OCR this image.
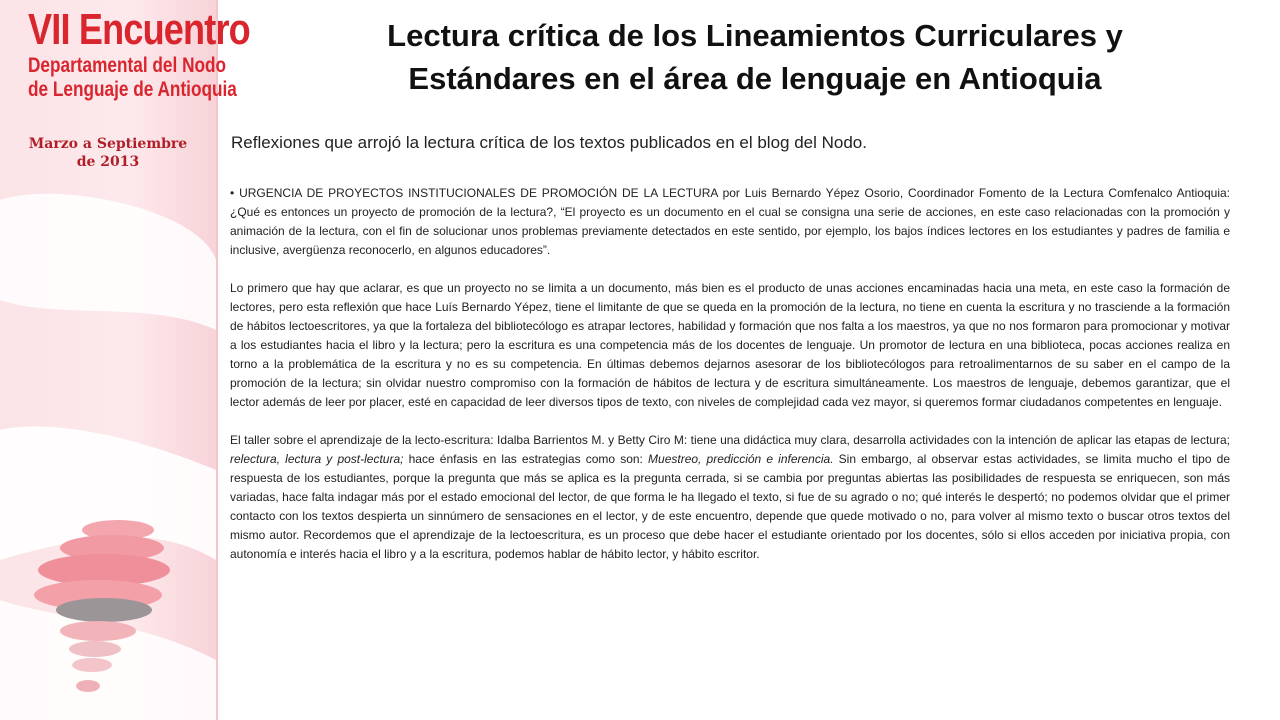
VII Encuentro
Departamental del Nodo
de Lenguaje de Antioquia
Marzo a Septiembre
de 2013
Lectura crítica de los Lineamientos Curriculares y
Estándares en el área de lenguaje en Antioquia
Reflexiones que arrojó la lectura crítica de los textos publicados en el blog del Nodo.

• URGENCIA DE PROYECTOS INSTITUCIONALES DE PROMOCIÓN DE LA LECTURA por Luis Bernardo Yépez Osorio, Coordinador Fomento de la Lectura Comfenalco Antioquia: ¿Qué es entonces un proyecto de promoción de la lectura?, “El proyecto es un documento en el cual se consigna una serie de acciones, en este caso relacionadas con la promoción y animación de la lectura, con el fin de solucionar unos problemas previamente detectados en este sentido, por ejemplo, los bajos índices lectores en los estudiantes y padres de familia e inclusive, avergüenza reconocerlo, en algunos educadores”.

Lo primero que hay que aclarar, es que un proyecto no se limita a un documento, más bien es el producto de unas acciones encaminadas hacia una meta, en este caso la formación de lectores, pero esta reflexión que hace Luís Bernardo Yépez, tiene el limitante de que se queda en la promoción de la lectura, no tiene en cuenta la escritura y no trasciende a la formación de hábitos lectoescritores, ya que la fortaleza del bibliotecólogo es atrapar lectores, habilidad y formación que nos falta a los maestros, ya que no nos formaron para promocionar y motivar a los estudiantes hacia el libro y la lectura; pero la escritura es una competencia más de los docentes de lenguaje. Un promotor de lectura en una biblioteca, pocas acciones realiza en torno a la problemática de la escritura y no es su competencia. En últimas debemos dejarnos asesorar de los bibliotecólogos para retroalimentarnos de su saber en el campo de la promoción de la lectura; sin olvidar nuestro compromiso con la formación de hábitos de lectura y de escritura simultáneamente. Los maestros de lenguaje, debemos garantizar, que el lector además de leer por placer, esté en capacidad de leer diversos tipos de texto, con niveles de complejidad cada vez mayor, si queremos formar ciudadanos competentes en lenguaje.

El taller sobre el aprendizaje de la lecto-escritura: Idalba Barrientos M. y Betty Ciro M: tiene una didáctica muy clara, desarrolla actividades con la intención de aplicar las etapas de lectura; relectura, lectura y post-lectura; hace énfasis en las estrategias como son: Muestreo, predicción e inferencia. Sin embargo, al observar estas actividades, se limita mucho el tipo de respuesta de los estudiantes, porque la pregunta que más se aplica es la pregunta cerrada, si se cambia por preguntas abiertas las posibilidades de respuesta se enriquecen, son más variadas, hace falta indagar más por el estado emocional del lector, de que forma le ha llegado el texto, si fue de su agrado o no; qué interés le despertó; no podemos olvidar que el primer contacto con los textos despierta un sinnúmero de sensaciones en el lector, y de este encuentro, depende que quede motivado o no, para volver al mismo texto o buscar otros textos del mismo autor. Recordemos que el aprendizaje de la lectoescritura, es un proceso que debe hacer el estudiante orientado por los docentes, sólo si ellos acceden por iniciativa propia, con autonomía e interés hacia el libro y a la escritura, podemos hablar de hábito lector, y hábito escritor.
